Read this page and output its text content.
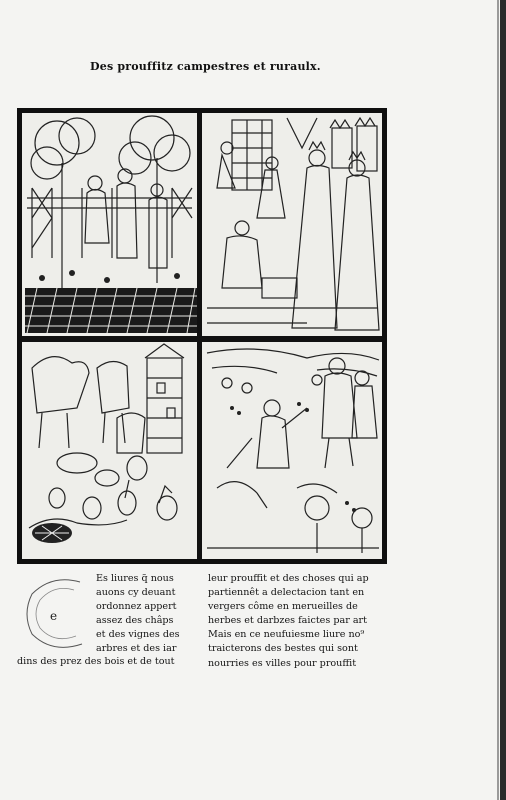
Des prouffitz campestres et ruraulx.
e
Es liures q̃ nous
auons cy deuant
ordonnez appert
assez des châps
et des vignes des
arbres et des iar
dins des prez des bois et de tout
leur prouffit et des choses qui ap
partiennêt a delectacion tant en
vergers côme en merueilles de
herbes et darbzes faictes par art
Mais en ce neufuiesme liure no⁹
traicterons des bestes qui sont
nourries es villes pour prouffit
